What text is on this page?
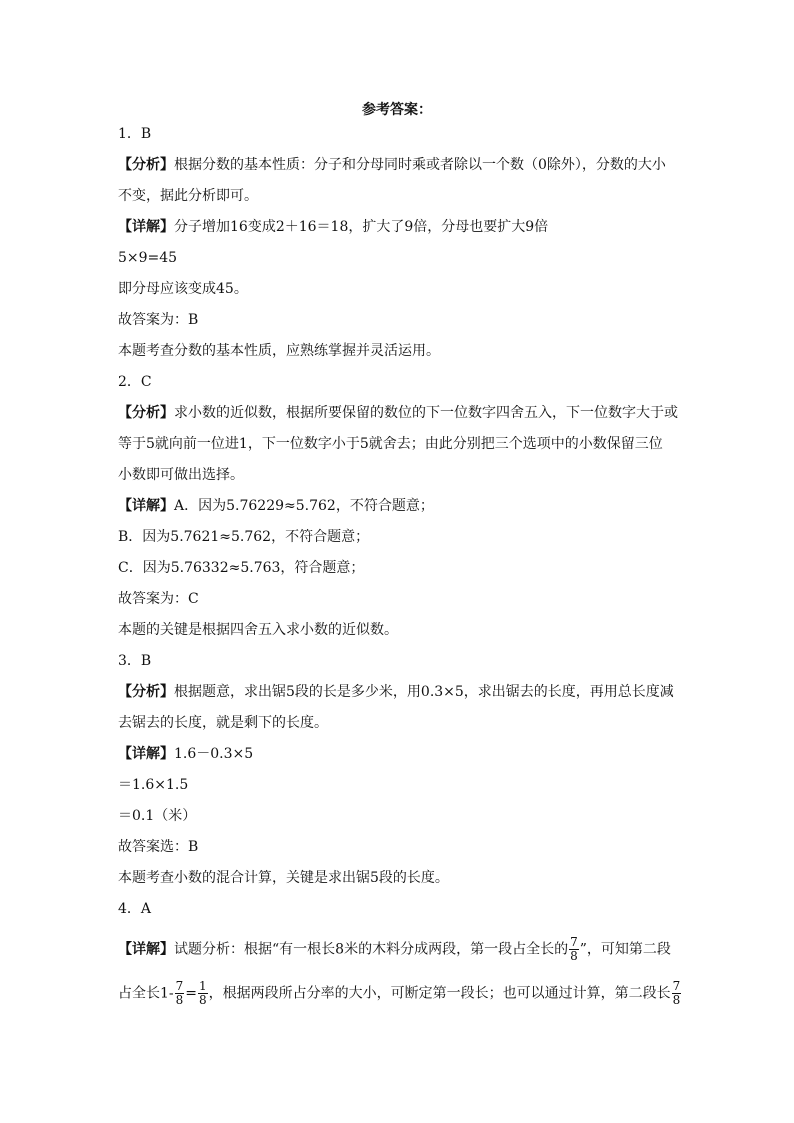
参考答案：
1．B
【分析】根据分数的基本性质：分子和分母同时乘或者除以一个数（0除外），分数的大小
不变，据此分析即可。
【详解】分子增加16变成2＋16＝18，扩大了9倍，分母也要扩大9倍
5×9=45
即分母应该变成45。
故答案为：B
本题考查分数的基本性质，应熟练掌握并灵活运用。
2．C
【分析】求小数的近似数，根据所要保留的数位的下一位数字四舍五入，下一位数字大于或
等于5就向前一位进1，下一位数字小于5就舍去；由此分别把三个选项中的小数保留三位
小数即可做出选择。
【详解】A．因为5.76229≈5.762，不符合题意；
B．因为5.7621≈5.762，不符合题意；
C．因为5.76332≈5.763，符合题意；
故答案为：C
本题的关键是根据四舍五入求小数的近似数。
3．B
【分析】根据题意，求出锯5段的长是多少米，用0.3×5，求出锯去的长度，再用总长度减
去锯去的长度，就是剩下的长度。
【详解】1.6－0.3×5
＝1.6×1.5
＝0.1（米）
故答案选：B
本题考查小数的混合计算，关键是求出锯5段的长度。
4．A
【详解】试题分析：根据“有一根长8米的木料分成两段，第一段占全长的 $\frac{7}{8}$ ”，可知第二段
占全长$1- \frac{7}{8} = \frac{1}{8}$ ，根据两段所占分率的大小，可断定第一段长；也可以通过计算，第二段长 $\frac{7}{8}$
